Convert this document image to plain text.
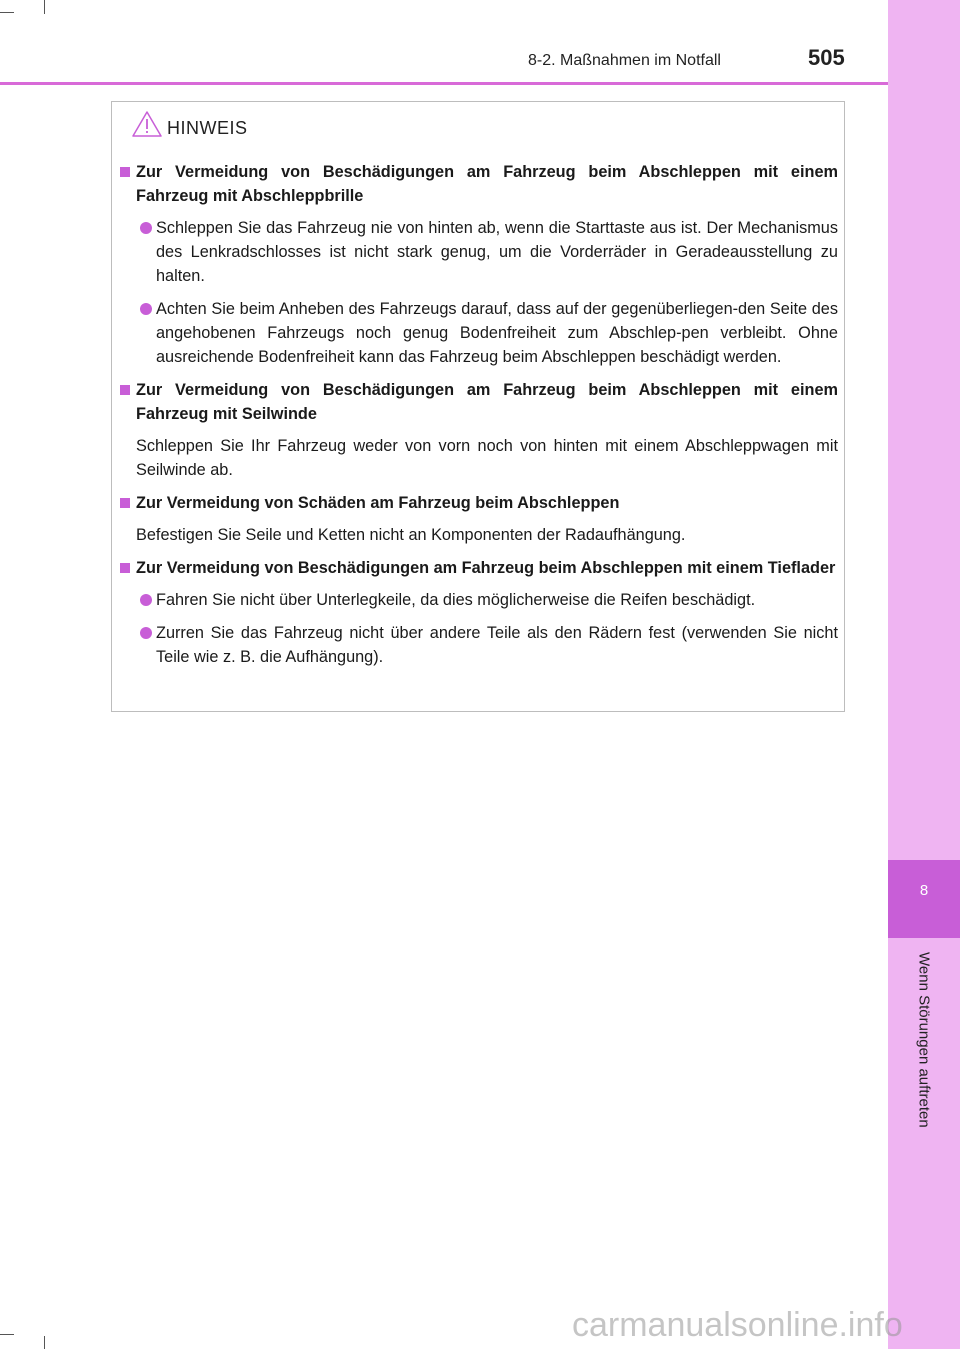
8
Wenn Störungen auftreten
8-2. Maßnahmen im Notfall	505
HINWEIS
Zur Vermeidung von Beschädigungen am Fahrzeug beim Abschleppen mit einem Fahrzeug mit Abschleppbrille
Schleppen Sie das Fahrzeug nie von hinten ab, wenn die Starttaste aus ist. Der Mechanismus des Lenkradschlosses ist nicht stark genug, um die Vorderräder in Geradeausstellung zu halten.
Achten Sie beim Anheben des Fahrzeugs darauf, dass auf der gegenüberliegen-den Seite des angehobenen Fahrzeugs noch genug Bodenfreiheit zum Abschlep-pen verbleibt. Ohne ausreichende Bodenfreiheit kann das Fahrzeug beim Abschleppen beschädigt werden.
Zur Vermeidung von Beschädigungen am Fahrzeug beim Abschleppen mit einem Fahrzeug mit Seilwinde
Schleppen Sie Ihr Fahrzeug weder von vorn noch von hinten mit einem Abschleppwagen mit Seilwinde ab.
Zur Vermeidung von Schäden am Fahrzeug beim Abschleppen
Befestigen Sie Seile und Ketten nicht an Komponenten der Radaufhängung.
Zur Vermeidung von Beschädigungen am Fahrzeug beim Abschleppen mit einem Tieflader
Fahren Sie nicht über Unterlegkeile, da dies möglicherweise die Reifen beschädigt.
Zurren Sie das Fahrzeug nicht über andere Teile als den Rädern fest (verwenden Sie nicht Teile wie z. B. die Aufhängung).
carmanualsonline.info
